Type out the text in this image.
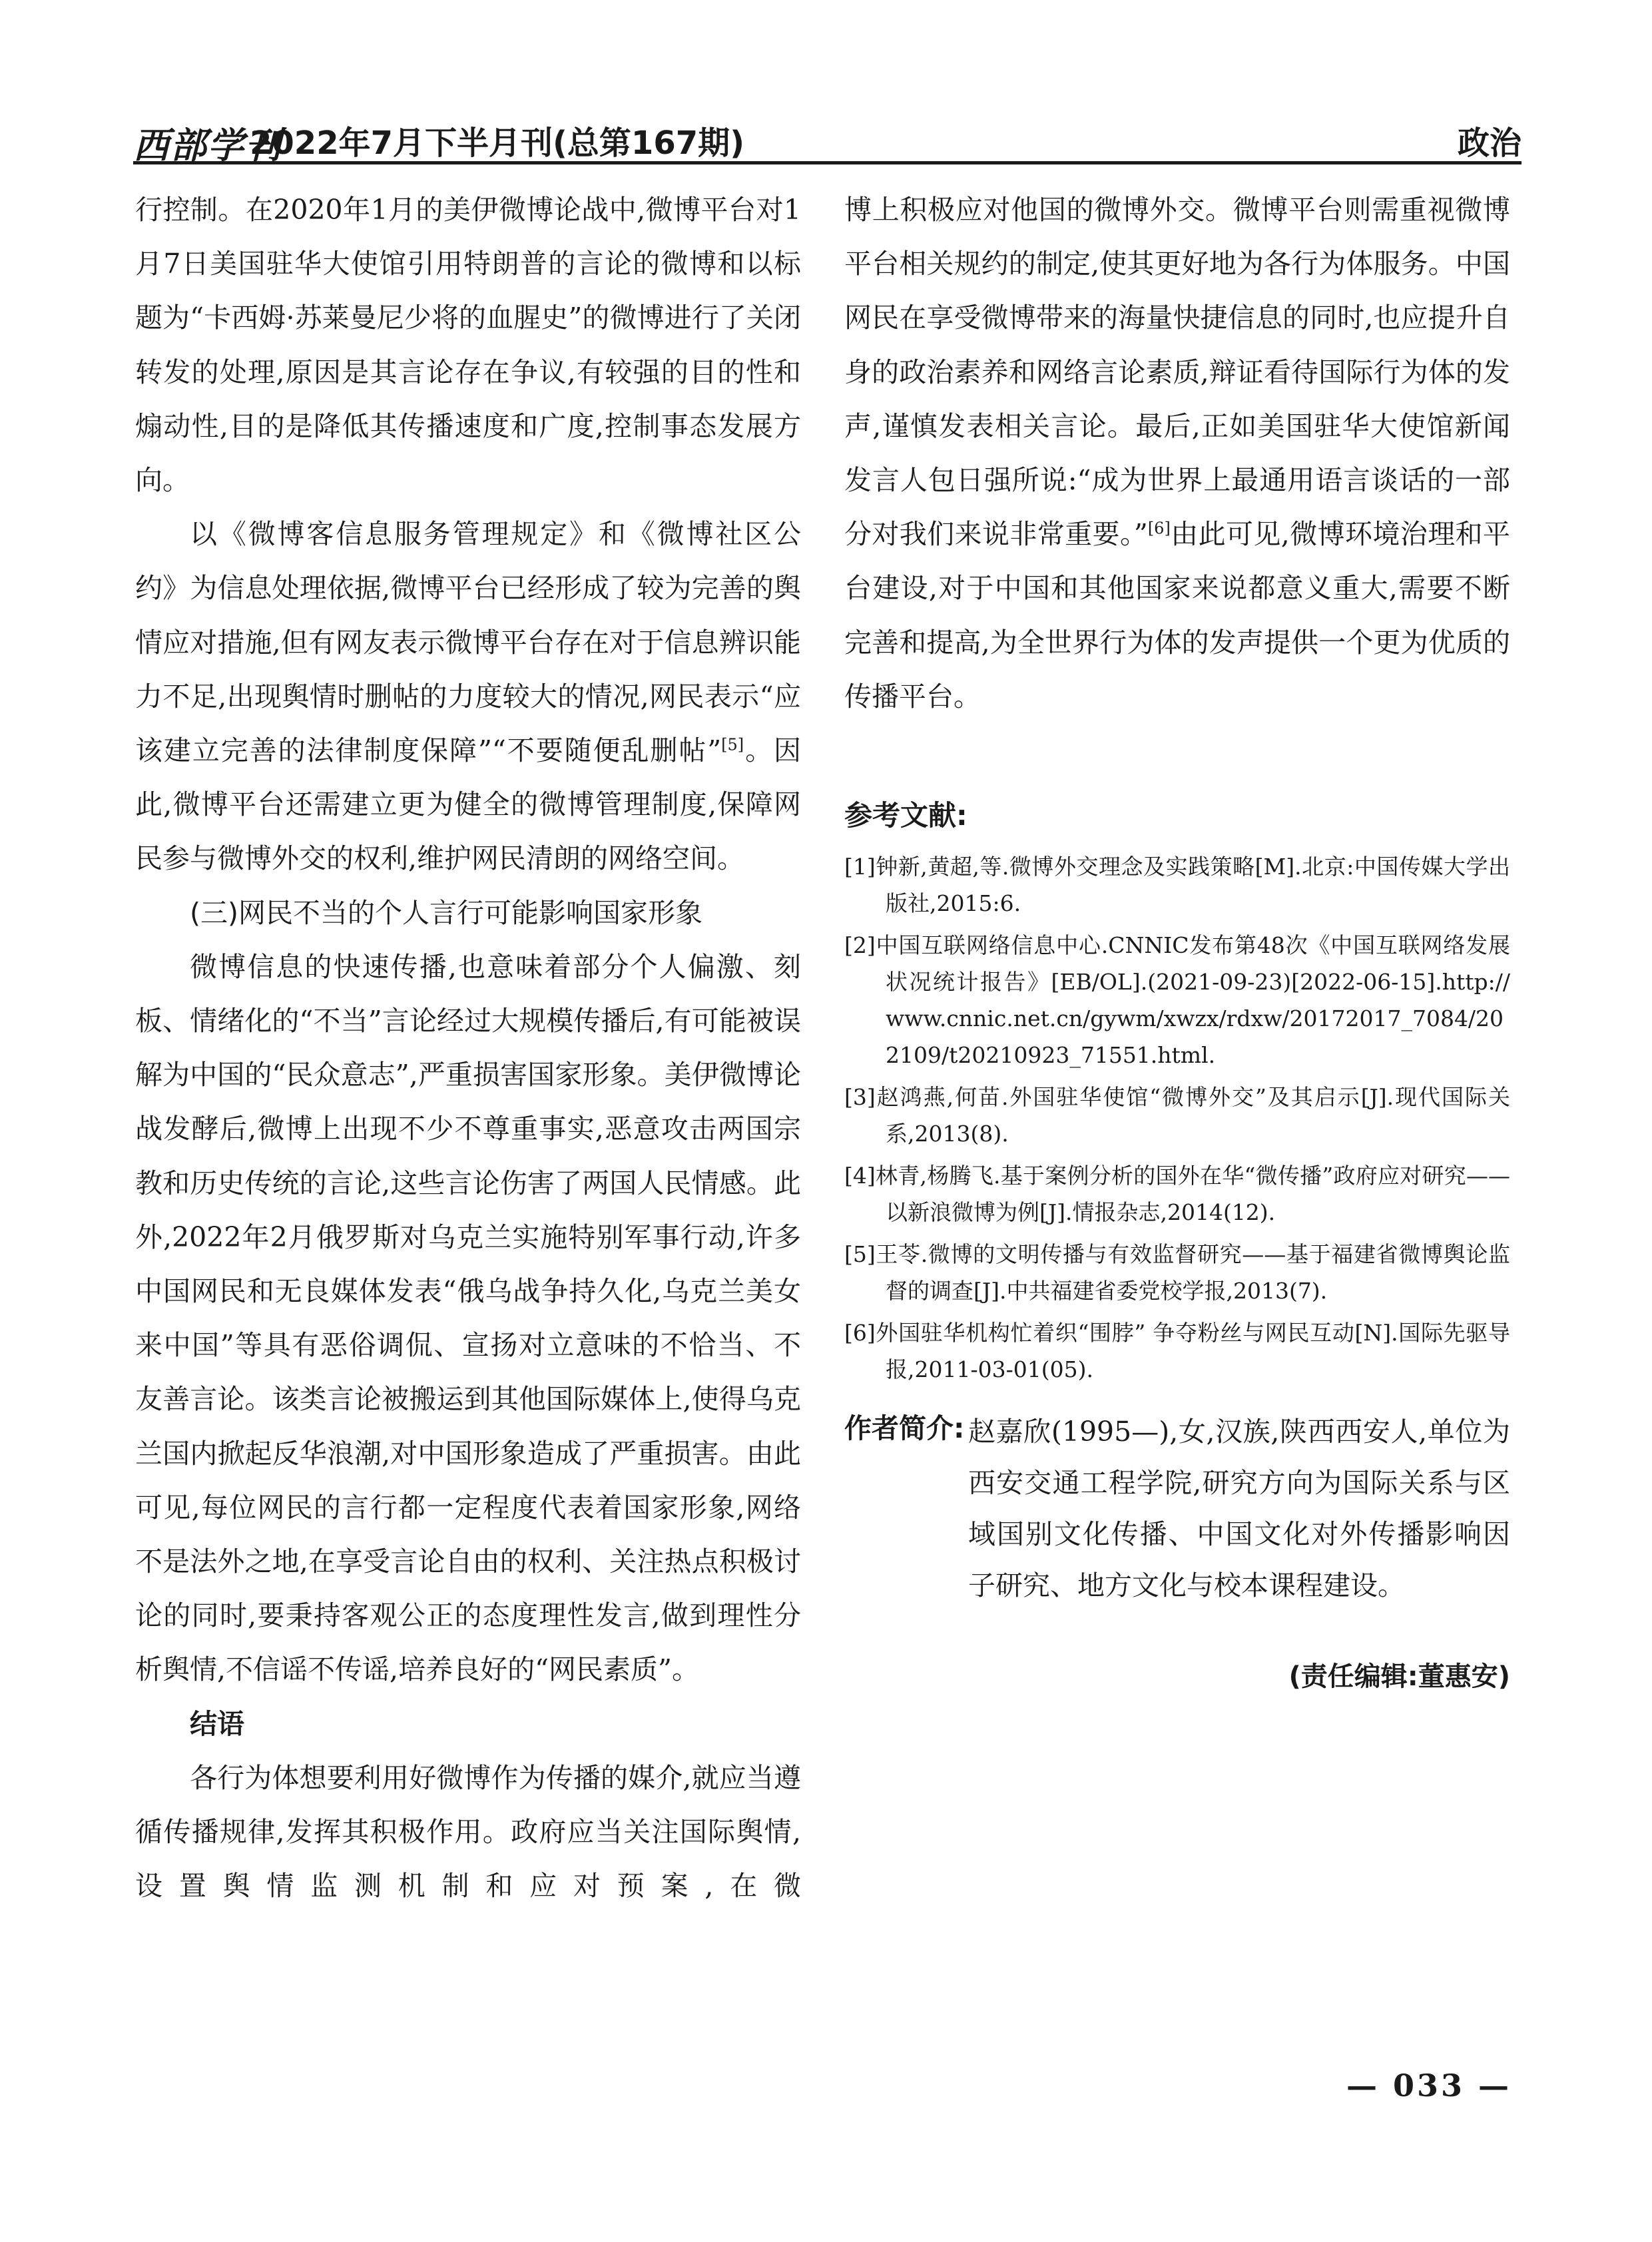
西部学刊
2022年7月下半月刊(总第167期)	政治

行控制。在2020年1月的美伊微博论战中,微博平台对1月7日美国驻华大使馆引用特朗普的言论的微博和以标题为“卡西姆·苏莱曼尼少将的血腥史”的微博进行了关闭转发的处理,原因是其言论存在争议,有较强的目的性和煽动性,目的是降低其传播速度和广度,控制事态发展方向。

以《微博客信息服务管理规定》和《微博社区公约》为信息处理依据,微博平台已经形成了较为完善的舆情应对措施,但有网友表示微博平台存在对于信息辨识能力不足,出现舆情时删帖的力度较大的情况,网民表示“应该建立完善的法律制度保障”“不要随便乱删帖”[5]。因此,微博平台还需建立更为健全的微博管理制度,保障网民参与微博外交的权利,维护网民清朗的网络空间。

(三)网民不当的个人言行可能影响国家形象

微博信息的快速传播,也意味着部分个人偏激、刻板、情绪化的“不当”言论经过大规模传播后,有可能被误解为中国的“民众意志”,严重损害国家形象。美伊微博论战发酵后,微博上出现不少不尊重事实,恶意攻击两国宗教和历史传统的言论,这些言论伤害了两国人民情感。此外,2022年2月俄罗斯对乌克兰实施特别军事行动,许多中国网民和无良媒体发表“俄乌战争持久化,乌克兰美女来中国”等具有恶俗调侃、宣扬对立意味的不恰当、不友善言论。该类言论被搬运到其他国际媒体上,使得乌克兰国内掀起反华浪潮,对中国形象造成了严重损害。由此可见,每位网民的言行都一定程度代表着国家形象,网络不是法外之地,在享受言论自由的权利、关注热点积极讨论的同时,要秉持客观公正的态度理性发言,做到理性分析舆情,不信谣不传谣,培养良好的“网民素质”。

结语

各行为体想要利用好微博作为传播的媒介,就应当遵循传播规律,发挥其积极作用。政府应当关注国际舆情,设置舆情监测机制和应对预案,在微

博上积极应对他国的微博外交。微博平台则需重视微博平台相关规约的制定,使其更好地为各行为体服务。中国网民在享受微博带来的海量快捷信息的同时,也应提升自身的政治素养和网络言论素质,辩证看待国际行为体的发声,谨慎发表相关言论。最后,正如美国驻华大使馆新闻发言人包日强所说:“成为世界上最通用语言谈话的一部分对我们来说非常重要。”[6]由此可见,微博环境治理和平台建设,对于中国和其他国家来说都意义重大,需要不断完善和提高,为全世界行为体的发声提供一个更为优质的传播平台。

参考文献:

[1]钟新,黄超,等.微博外交理念及实践策略[M].北京:中国传媒大学出版社,2015:6.

[2]中国互联网络信息中心.CNNIC发布第48次《中国互联网络发展状况统计报告》[EB/OL].(2021-09-23)[2022-06-15].http://www.cnnic.net.cn/gywm/xwzx/rdxw/20172017_7084/202109/t20210923_71551.html.

[3]赵鸿燕,何苗.外国驻华使馆“微博外交”及其启示[J].现代国际关系,2013(8).

[4]林青,杨腾飞.基于案例分析的国外在华“微传播”政府应对研究——以新浪微博为例[J].情报杂志,2014(12).

[5]王苓.微博的文明传播与有效监督研究——基于福建省微博舆论监督的调查[J].中共福建省委党校学报,2013(7).

[6]外国驻华机构忙着织“围脖” 争夺粉丝与网民互动[N].国际先驱导报,2011-03-01(05).

作者简介: 赵嘉欣(1995—),女,汉族,陕西西安人,单位为西安交通工程学院,研究方向为国际关系与区域国别文化传播、中国文化对外传播影响因子研究、地方文化与校本课程建设。

(责任编辑:董惠安)
— 033 —
